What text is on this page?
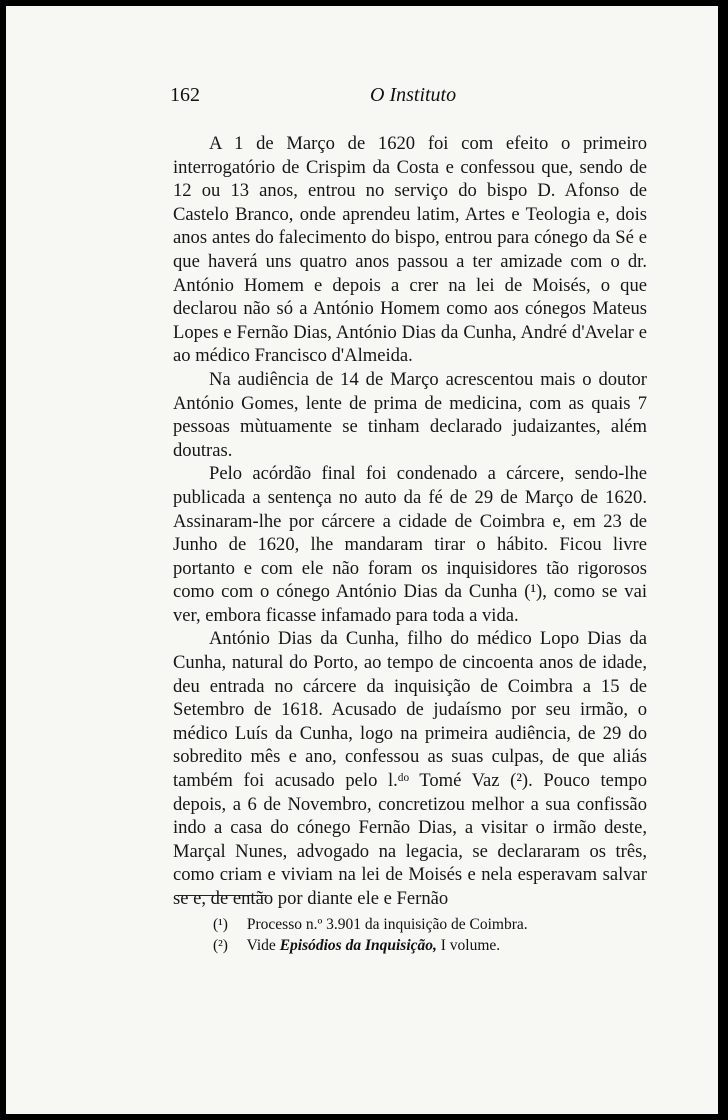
162	O Instituto

A 1 de Março de 1620 foi com efeito o primeiro interrogatório de Crispim da Costa e confessou que, sendo de 12 ou 13 anos, entrou no serviço do bispo D. Afonso de Castelo Branco, onde aprendeu latim, Artes e Teologia e, dois anos antes do falecimento do bispo, entrou para cónego da Sé e que haverá uns quatro anos passou a ter amizade com o dr. António Homem e depois a crer na lei de Moisés, o que declarou não só a António Homem como aos cónegos Mateus Lopes e Fernão Dias, António Dias da Cunha, André d'Avelar e ao médico Francisco d'Almeida.

Na audiência de 14 de Março acrescentou mais o doutor António Gomes, lente de prima de medicina, com as quais 7 pessoas mùtuamente se tinham declarado judaizantes, além doutras.

Pelo acórdão final foi condenado a cárcere, sendo-lhe publicada a sentença no auto da fé de 29 de Março de 1620. Assinaram-lhe por cárcere a cidade de Coimbra e, em 23 de Junho de 1620, lhe mandaram tirar o hábito. Ficou livre portanto e com ele não foram os inquisidores tão rigorosos como com o cónego António Dias da Cunha (¹), como se vai ver, embora ficasse infamado para toda a vida.

António Dias da Cunha, filho do médico Lopo Dias da Cunha, natural do Porto, ao tempo de cincoenta anos de idade, deu entrada no cárcere da inquisição de Coimbra a 15 de Setembro de 1618. Acusado de judaísmo por seu irmão, o médico Luís da Cunha, logo na primeira audiência, de 29 do sobredito mês e ano, confessou as suas culpas, de que aliás também foi acusado pelo l.ᵈᵒ Tomé Vaz (²). Pouco tempo depois, a 6 de Novembro, concretizou melhor a sua confissão indo a casa do cónego Fernão Dias, a visitar o irmão deste, Marçal Nunes, advogado na legacia, se declararam os três, como criam e viviam na lei de Moisés e nela esperavam salvar se e, de então por diante ele e Fernão

(¹) Processo n.º 3.901 da inquisição de Coimbra.
(²) Vide Episódios da Inquisição, I volume.
